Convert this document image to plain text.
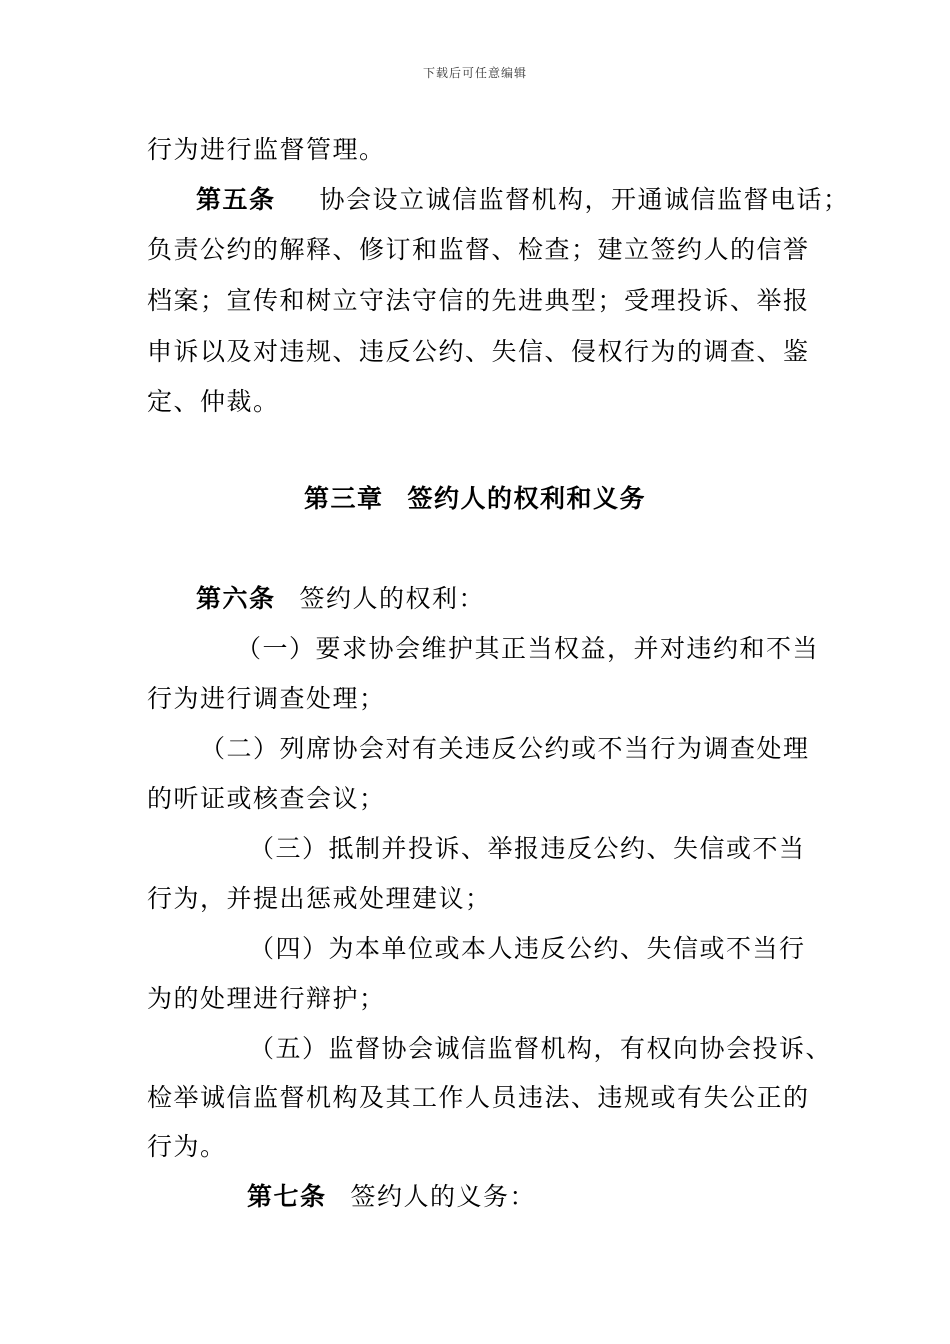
下载后可任意编辑
行为进行监督管理。
第五条 协会设立诚信监督机构，开通诚信监督电话；
负责公约的解释、修订和监督、检查；建立签约人的信誉
档案；宣传和树立守法守信的先进典型；受理投诉、举报
申诉以及对违规、违反公约、失信、侵权行为的调查、鉴
定、仲裁。
第三章 签约人的权利和义务
第六条 签约人的权利：
（一）要求协会维护其正当权益，并对违约和不当
行为进行调查处理；
（二）列席协会对有关违反公约或不当行为调查处理
的听证或核查会议；
（三）抵制并投诉、举报违反公约、失信或不当
行为，并提出惩戒处理建议；
（四）为本单位或本人违反公约、失信或不当行
为的处理进行辩护；
（五）监督协会诚信监督机构，有权向协会投诉、
检举诚信监督机构及其工作人员违法、违规或有失公正的
行为。
第七条 签约人的义务：
